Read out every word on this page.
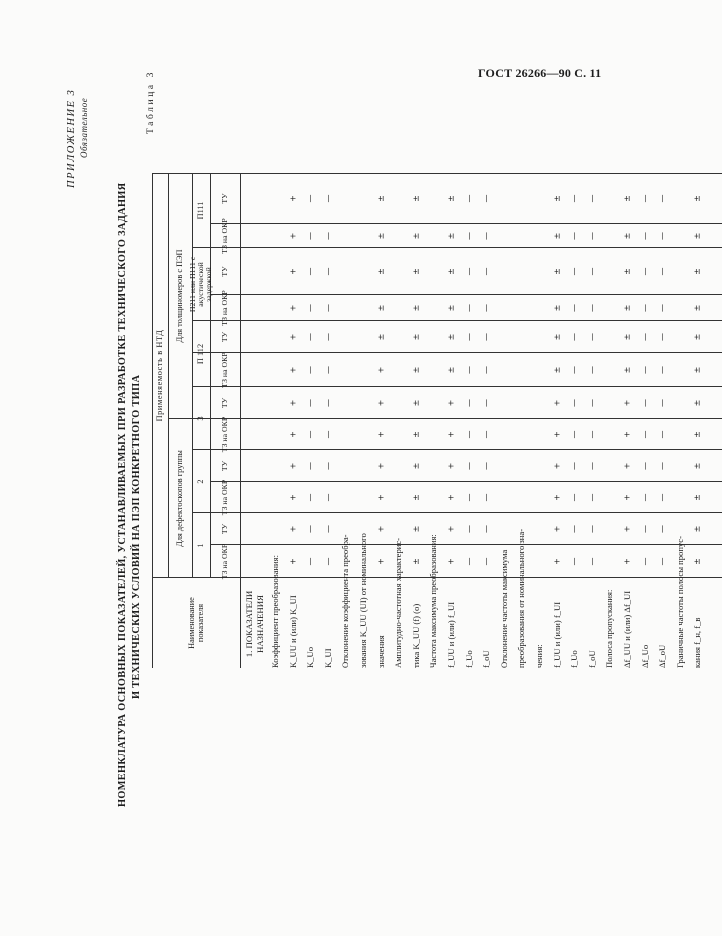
ГОСТ 26266—90 С. 11
ПРИЛОЖЕНИЕ 3 Обязательное	Таблица 3
НОМЕНКЛАТУРА ОСНОВНЫХ ПОКАЗАТЕЛЕЙ, УСТАНАВЛИВАЕМЫХ ПРИ РАЗРАБОТКЕ ТЕХНИЧЕСКОГО ЗАДАНИЯ И ТЕХНИЧЕСКИХ УСЛОВИЙ НА ПЭП КОНКРЕТНОГО ТИПА	Наименование показателя
Применяемость в НТД
Для дефектоскопов группы
Для толщиномеров с ПЭП
1
2
3
П 112
П211 или П111 с акустической задержкой
П111
ТЗ на ОКР
ТУ
ТЗ на ОКР
ТУ
ТЗ на ОКР
ТУ
ТЗ на ОКР
ТУ
ТЗ на ОКР
ТУ
ТЗ на ОКР
ТУ
1. ПОКАЗАТЕЛИ НАЗНАЧЕНИЯ Коэффициент преобразования: K_UU и (или) K_UI
+
+
+
+
+
+
+
+
+
+
+
+
K_Uo
—
—
—
—
—
—
—
—
—
—
—
—
K_UI
—
—
—
—
—
—
—
—
—
—
—
—
Отклонение коэффициента преобра- зования K_UU (UI) от номинального значения
+
+
+
+
+
+
+
±
±
±
±
±
Амплитудно-частотная характерис- тика K_UU (f) (o)
±
±
±
±
±
±
±
±
±
±
±
±
Частота максимума преобразования: f_UU и (или) f_UI
+
+
+
+
+
+
±
±
±
±
±
±
f_Uo
—
—
—
—
—
—
—
—
—
—
—
—
f_oU
—
—
—
—
—
—
—
—
—
—
—
—
Отклонение частоты максимума преобразования от номинального зна- чения: f_UU и (или) f_UI
+
+
+
+
+
+
±
±
±
±
±
±
f_Uo
—
—
—
—
—
—
—
—
—
—
—
—
f_oU
—
—
—
—
—
—
—
—
—
—
—
—
Полоса пропускания: Δf_UU и (или) Δf_UI
+
+
+
+
+
+
±
±
±
±
±
±
Δf_Uo
—
—
—
—
—
—
—
—
—
—
—
—
Δf_oU
—
—
—
—
—
—
—
—
—
—
—
—
Граничные частоты полосы пропус- кания f_н, f_в
±
±
±
±
±
±
±
±
±
±
±
±
